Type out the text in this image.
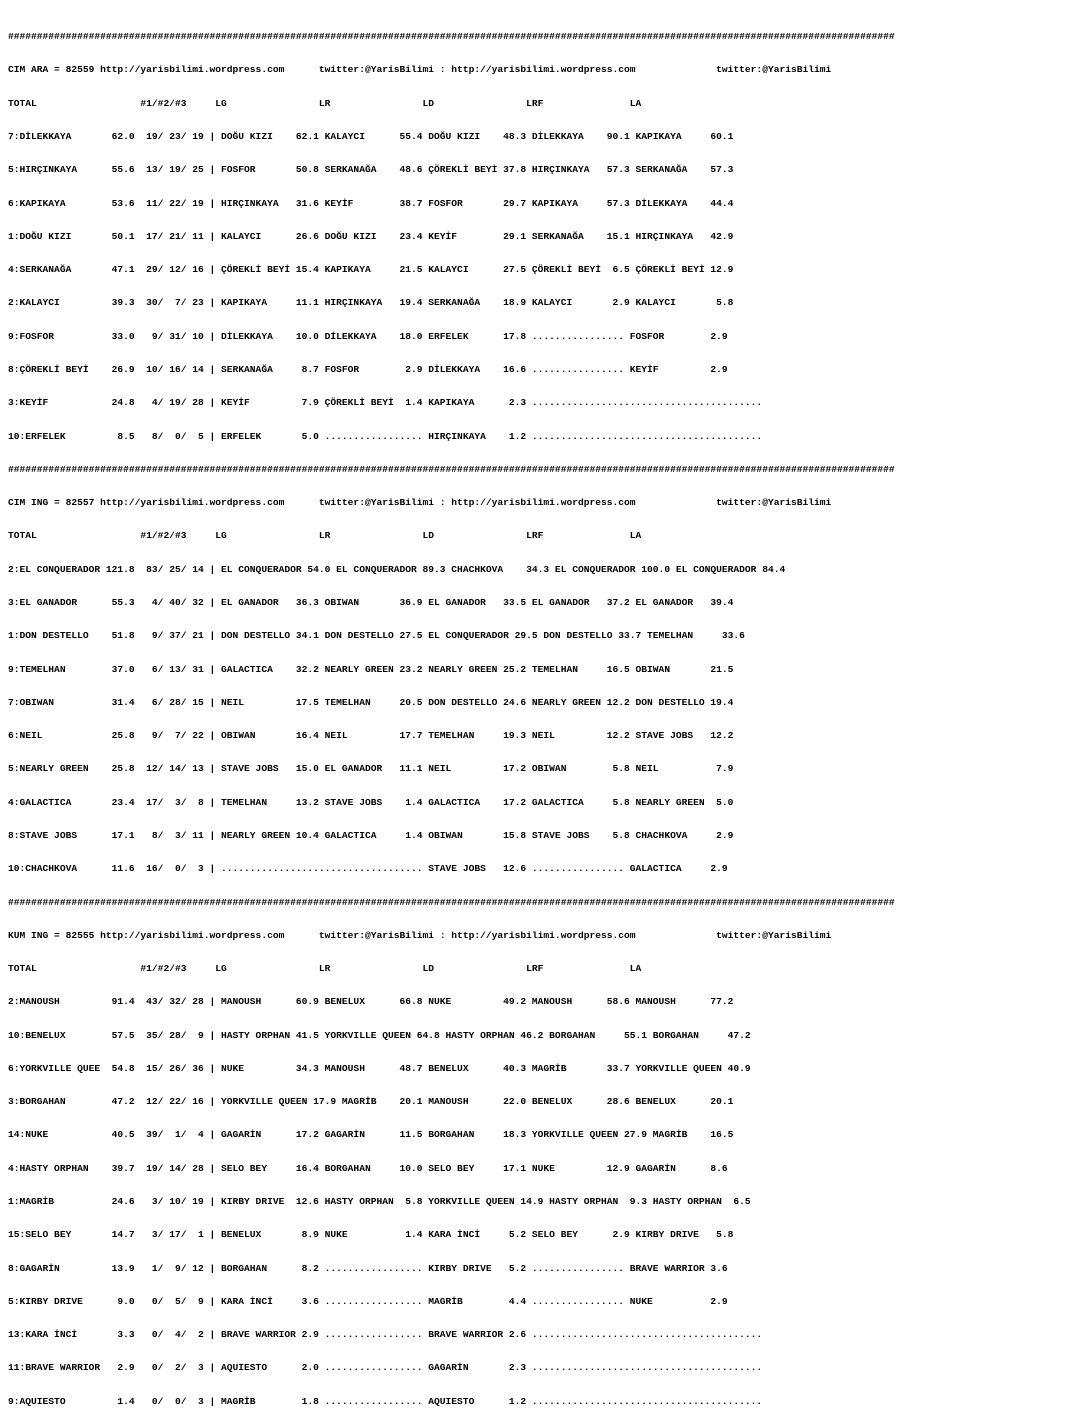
##########################################################################################################################################################

CIM ARA = 82559 http://yarisbilimi.wordpress.com      twitter:@YarisBilimi : http://yarisbilimi.wordpress.com              twitter:@YarisBilimi

TOTAL                  #1/#2/#3     LG                LR                LD                LRF               LA

7:DİLEKKAYA       62.0  19/ 23/ 19 | DOĞU KIZI    62.1 KALAYCI      55.4 DOĞU KIZI    48.3 DİLEKKAYA    90.1 KAPIKAYA     60.1

5:HIRÇINKAYA      55.6  13/ 19/ 25 | FOSFOR       50.8 SERKANAĞA    48.6 ÇÖREKLİ BEYİ 37.8 HIRÇINKAYA   57.3 SERKANAĞA    57.3

6:KAPIKAYA        53.6  11/ 22/ 19 | HIRÇINKAYA   31.6 KEYİF        38.7 FOSFOR       29.7 KAPIKAYA     57.3 DİLEKKAYA    44.4

1:DOĞU KIZI       50.1  17/ 21/ 11 | KALAYCI      26.6 DOĞU KIZI    23.4 KEYİF        29.1 SERKANAĞA    15.1 HIRÇINKAYA   42.9

4:SERKANAĞA       47.1  29/ 12/ 16 | ÇÖREKLİ BEYİ 15.4 KAPIKAYA     21.5 KALAYCI      27.5 ÇÖREKLİ BEYİ  6.5 ÇÖREKLİ BEYİ 12.9

2:KALAYCI         39.3  30/  7/ 23 | KAPIKAYA     11.1 HIRÇINKAYA   19.4 SERKANAĞA    18.9 KALAYCI       2.9 KALAYCI       5.8

9:FOSFOR          33.0   9/ 31/ 10 | DİLEKKAYA    10.0 DİLEKKAYA    18.0 ERFELEK      17.8 ................ FOSFOR        2.9

8:ÇÖREKLİ BEYİ    26.9  10/ 16/ 14 | SERKANAĞA     8.7 FOSFOR        2.9 DİLEKKAYA    16.6 ................ KEYİF         2.9

3:KEYİF           24.8   4/ 19/ 28 | KEYİF         7.9 ÇÖREKLİ BEYİ  1.4 KAPIKAYA      2.3 ........................................

10:ERFELEK         8.5   8/  0/  5 | ERFELEK       5.0 ................. HIRÇINKAYA    1.2 ........................................

##########################################################################################################################################################

CIM ING = 82557 http://yarisbilimi.wordpress.com      twitter:@YarisBilimi : http://yarisbilimi.wordpress.com              twitter:@YarisBilimi

TOTAL                  #1/#2/#3     LG                LR                LD                LRF               LA

2:EL CONQUERADOR 121.8  83/ 25/ 14 | EL CONQUERADOR 54.0 EL CONQUERADOR 89.3 CHACHKOVA    34.3 EL CONQUERADOR 100.0 EL CONQUERADOR 84.4

3:EL GANADOR      55.3   4/ 40/ 32 | EL GANADOR   36.3 OBIWAN       36.9 EL GANADOR   33.5 EL GANADOR   37.2 EL GANADOR   39.4

1:DON DESTELLO    51.8   9/ 37/ 21 | DON DESTELLO 34.1 DON DESTELLO 27.5 EL CONQUERADOR 29.5 DON DESTELLO 33.7 TEMELHAN     33.6

9:TEMELHAN        37.0   6/ 13/ 31 | GALACTICA    32.2 NEARLY GREEN 23.2 NEARLY GREEN 25.2 TEMELHAN     16.5 OBIWAN       21.5

7:OBIWAN          31.4   6/ 28/ 15 | NEIL         17.5 TEMELHAN     20.5 DON DESTELLO 24.6 NEARLY GREEN 12.2 DON DESTELLO 19.4

6:NEIL            25.8   9/  7/ 22 | OBIWAN       16.4 NEIL         17.7 TEMELHAN     19.3 NEIL         12.2 STAVE JOBS   12.2

5:NEARLY GREEN    25.8  12/ 14/ 13 | STAVE JOBS   15.0 EL GANADOR   11.1 NEIL         17.2 OBIWAN        5.8 NEIL          7.9

4:GALACTICA       23.4  17/  3/  8 | TEMELHAN     13.2 STAVE JOBS    1.4 GALACTICA    17.2 GALACTICA     5.8 NEARLY GREEN  5.0

8:STAVE JOBS      17.1   8/  3/ 11 | NEARLY GREEN 10.4 GALACTICA     1.4 OBIWAN       15.8 STAVE JOBS    5.8 CHACHKOVA     2.9

10:CHACHKOVA      11.6  16/  0/  3 | ................................... STAVE JOBS   12.6 ................ GALACTICA     2.9

##########################################################################################################################################################

KUM ING = 82555 http://yarisbilimi.wordpress.com      twitter:@YarisBilimi : http://yarisbilimi.wordpress.com              twitter:@YarisBilimi

TOTAL                  #1/#2/#3     LG                LR                LD                LRF               LA

2:MANOUSH         91.4  43/ 32/ 28 | MANOUSH      60.9 BENELUX      66.8 NUKE         49.2 MANOUSH      58.6 MANOUSH      77.2

10:BENELUX        57.5  35/ 28/  9 | HASTY ORPHAN 41.5 YORKVILLE QUEEN 64.8 HASTY ORPHAN 46.2 BORGAHAN     55.1 BORGAHAN     47.2

6:YORKVILLE QUEE  54.8  15/ 26/ 36 | NUKE         34.3 MANOUSH      48.7 BENELUX      40.3 MAGRİB       33.7 YORKVILLE QUEEN 40.9

3:BORGAHAN        47.2  12/ 22/ 16 | YORKVILLE QUEEN 17.9 MAGRİB    20.1 MANOUSH      22.0 BENELUX      28.6 BENELUX      20.1

14:NUKE           40.5  39/  1/  4 | GAGARİN      17.2 GAGARİN      11.5 BORGAHAN     18.3 YORKVILLE QUEEN 27.9 MAGRİB    16.5

4:HASTY ORPHAN    39.7  19/ 14/ 28 | SELO BEY     16.4 BORGAHAN     10.0 SELO BEY     17.1 NUKE         12.9 GAGARİN      8.6

1:MAGRİB          24.6   3/ 10/ 19 | KIRBY DRIVE  12.6 HASTY ORPHAN  5.8 YORKVILLE QUEEN 14.9 HASTY ORPHAN  9.3 HASTY ORPHAN  6.5

15:SELO BEY       14.7   3/ 17/  1 | BENELUX       8.9 NUKE          1.4 KARA İNCİ     5.2 SELO BEY      2.9 KIRBY DRIVE   5.8

8:GAGARİN         13.9   1/  9/ 12 | BORGAHAN      8.2 ................. KIRBY DRIVE   5.2 ................ BRAVE WARRIOR 3.6

5:KIRBY DRIVE      9.0   0/  5/  9 | KARA İNCİ     3.6 ................. MAGRİB        4.4 ................ NUKE          2.9

13:KARA İNCİ       3.3   0/  4/  2 | BRAVE WARRIOR 2.9 ................. BRAVE WARRIOR 2.6 ........................................

11:BRAVE WARRIOR   2.9   0/  2/  3 | AQUIESTO      2.0 ................. GAGARİN       2.3 ........................................

9:AQUIESTO         1.4   0/  0/  3 | MAGRİB        1.8 ................. AQUIESTO      1.2 ........................................
